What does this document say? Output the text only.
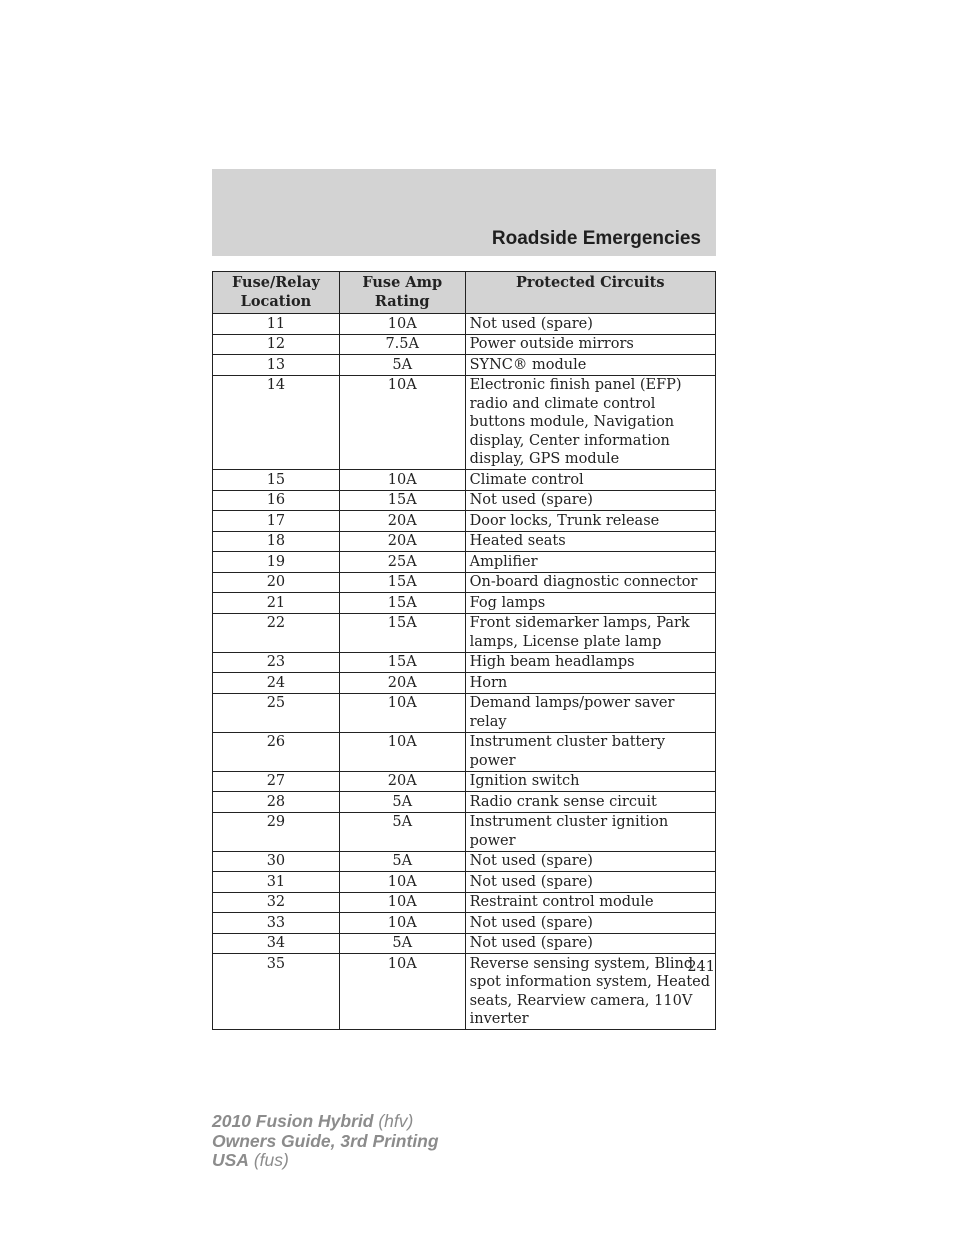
Roadside Emergencies
Fuse/Relay Location	Fuse Amp Rating	Protected Circuits
11	10A	Not used (spare)
12	7.5A	Power outside mirrors
13	5A	SYNC® module
14	10A	Electronic finish panel (EFP) radio and climate control buttons module, Navigation display, Center information display, GPS module
15	10A	Climate control
16	15A	Not used (spare)
17	20A	Door locks, Trunk release
18	20A	Heated seats
19	25A	Amplifier
20	15A	On-board diagnostic connector
21	15A	Fog lamps
22	15A	Front sidemarker lamps, Park lamps, License plate lamp
23	15A	High beam headlamps
24	20A	Horn
25	10A	Demand lamps/power saver relay
26	10A	Instrument cluster battery power
27	20A	Ignition switch
28	5A	Radio crank sense circuit
29	5A	Instrument cluster ignition power
30	5A	Not used (spare)
31	10A	Not used (spare)
32	10A	Restraint control module
33	10A	Not used (spare)
34	5A	Not used (spare)
35	10A	Reverse sensing system, Blind spot information system, Heated seats, Rearview camera, 110V inverter
241
2010 Fusion Hybrid (hfv)
Owners Guide, 3rd Printing
USA (fus)
